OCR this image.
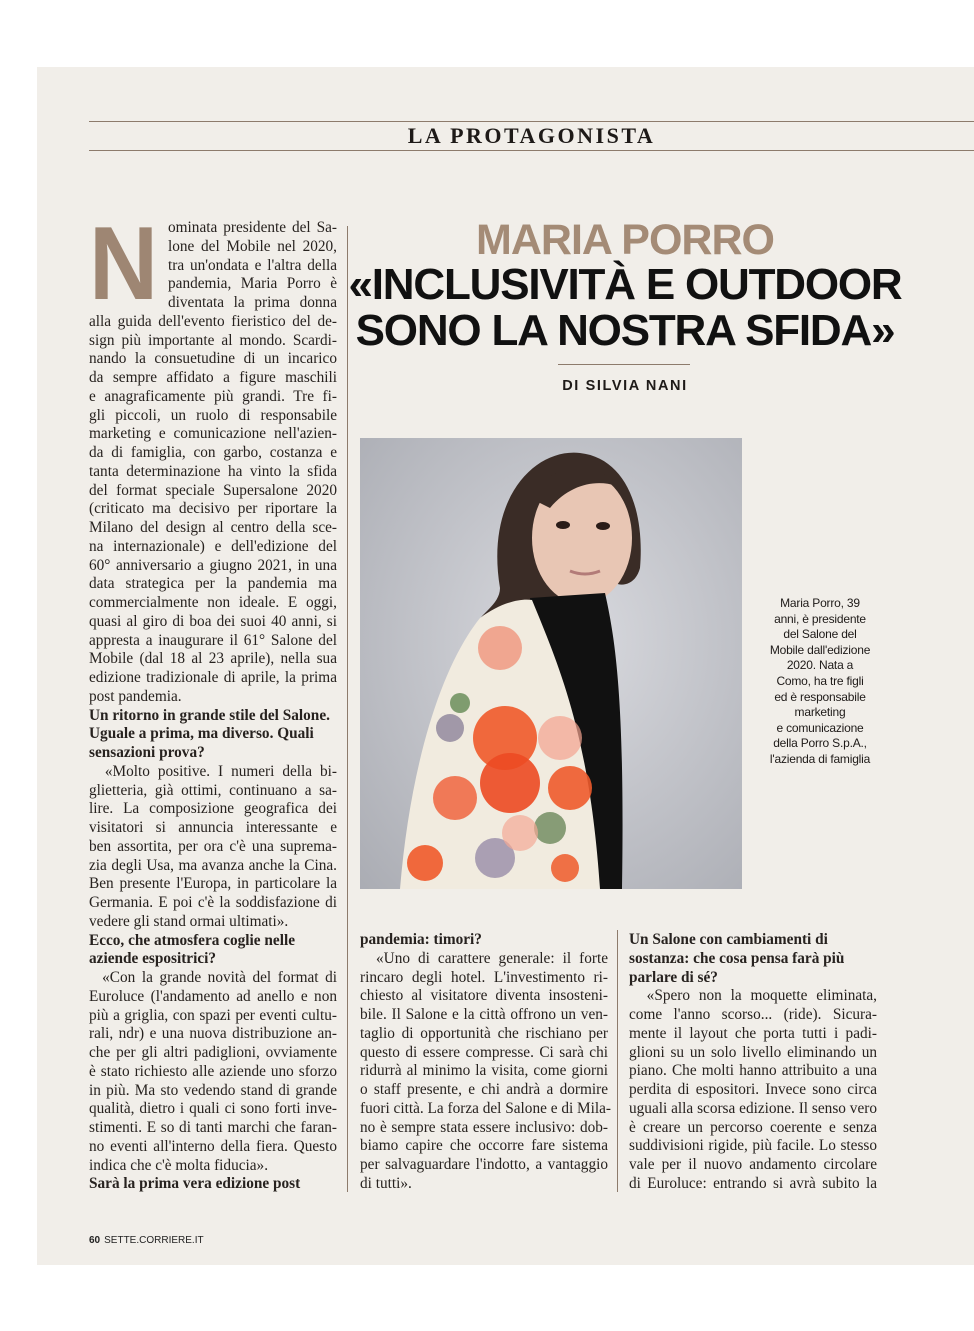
LA PROTAGONISTA
MARIA PORRO
«INCLUSIVITÀ E OUTDOOR
SONO LA NOSTRA SFIDA»
DI SILVIA NANI
N ominata presidente del Sa-
lone del Mobile nel 2020,
tra un'ondata e l'altra della
pandemia, Maria Porro è
diventata la prima donna
alla guida dell'evento fieristico del de-
sign più importante al mondo. Scardi-
nando la consuetudine di un incarico
da sempre affidato a figure maschili
e anagraficamente più grandi. Tre fi-
gli piccoli, un ruolo di responsabile
marketing e comunicazione nell'azien-
da di famiglia, con garbo, costanza e
tanta determinazione ha vinto la sfida
del format speciale Supersalone 2020
(criticato ma decisivo per riportare la
Milano del design al centro della sce-
na internazionale) e dell'edizione del
60° anniversario a giugno 2021, in una
data strategica per la pandemia ma
commercialmente non ideale. E oggi,
quasi al giro di boa dei suoi 40 anni, si
appresta a inaugurare il 61° Salone del
Mobile (dal 18 al 23 aprile), nella sua
edizione tradizionale di aprile, la prima
post pandemia.
Un ritorno in grande stile del Salone.
Uguale a prima, ma diverso. Quali
sensazioni prova?
«Molto positive. I numeri della bi-
glietteria, già ottimi, continuano a sa-
lire. La composizione geografica dei
visitatori si annuncia interessante e
ben assortita, per ora c'è una suprema-
zia degli Usa, ma avanza anche la Cina.
Ben presente l'Europa, in particolare la
Germania. E poi c'è la soddisfazione di
vedere gli stand ormai ultimati».
Ecco, che atmosfera coglie nelle
aziende espositrici?
«Con la grande novità del format di
Euroluce (l'andamento ad anello e non
più a griglia, con spazi per eventi cultu-
rali, ndr) e una nuova distribuzione an-
che per gli altri padiglioni, ovviamente
è stato richiesto alle aziende uno sforzo
in più. Ma sto vedendo stand di grande
qualità, dietro i quali ci sono forti inve-
stimenti. E so di tanti marchi che faran-
no eventi all'interno della fiera. Questo
indica che c'è molta fiducia».
Sarà la prima vera edizione post
pandemia: timori?
«Uno di carattere generale: il forte
rincaro degli hotel. L'investimento ri-
chiesto al visitatore diventa insosteni-
bile. Il Salone e la città offrono un ven-
taglio di opportunità che rischiano per
questo di essere compresse. Ci sarà chi
ridurrà al minimo la visita, come giorni
o staff presente, e chi andrà a dormire
fuori città. La forza del Salone e di Mila-
no è sempre stata essere inclusivo: dob-
biamo capire che occorre fare sistema
per salvaguardare l'indotto, a vantaggio
di tutti».
Un Salone con cambiamenti di
sostanza: che cosa pensa farà più
parlare di sé?
«Spero non la moquette eliminata,
come l'anno scorso... (ride). Sicura-
mente il layout che porta tutti i padi-
glioni su un solo livello eliminando un
piano. Che molti hanno attribuito a una
perdita di espositori. Invece sono circa
uguali alla scorsa edizione. Il senso vero
è creare un percorso coerente e senza
suddivisioni rigide, più facile. Lo stesso
vale per il nuovo andamento circolare
di Euroluce: entrando si avrà subito la
Maria Porro, 39
anni, è presidente
del Salone del
Mobile dall'edizione
2020. Nata a
Como, ha tre figli
ed è responsabile
marketing
e comunicazione
della Porro S.p.A.,
l'azienda di famiglia
60 SETTE.CORRIERE.IT
